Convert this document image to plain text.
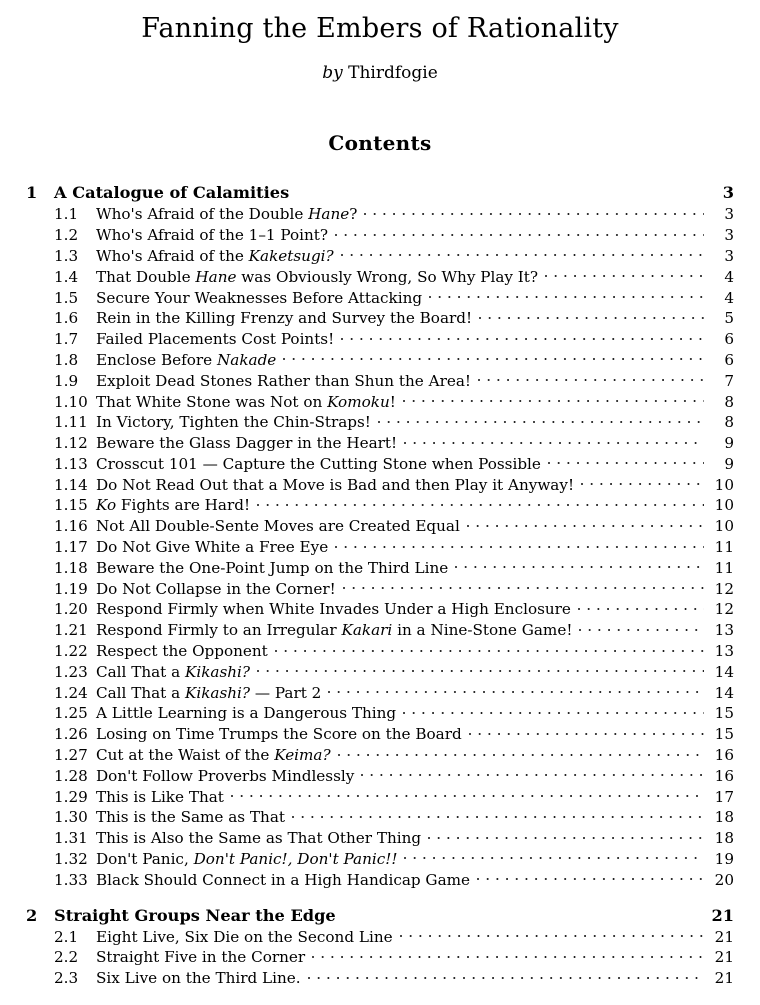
Fanning the Embers of Rationality

by Thirdfogie

Contents
1	A Catalogue of Calamities	3
1.1	Who's Afraid of the Double Hane?	3
1.2	Who's Afraid of the 1–1 Point?	3
1.3	Who's Afraid of the Kaketsugi?	3
1.4	That Double Hane was Obviously Wrong, So Why Play It?	4
1.5	Secure Your Weaknesses Before Attacking	4
1.6	Rein in the Killing Frenzy and Survey the Board!	5
1.7	Failed Placements Cost Points!	6
1.8	Enclose Before Nakade	6
1.9	Exploit Dead Stones Rather than Shun the Area!	7
1.10 That White Stone was Not on Komoku!	8
1.11 In Victory, Tighten the Chin-Straps!	8
1.12 Beware the Glass Dagger in the Heart!	9
1.13 Crosscut 101 — Capture the Cutting Stone when Possible	9
1.14 Do Not Read Out that a Move is Bad and then Play it Anyway!	10
1.15 Ko Fights are Hard!	10
1.16 Not All Double-Sente Moves are Created Equal	10
1.17 Do Not Give White a Free Eye	11
1.18 Beware the One-Point Jump on the Third Line	11
1.19 Do Not Collapse in the Corner!	12
1.20 Respond Firmly when White Invades Under a High Enclosure	12
1.21 Respond Firmly to an Irregular Kakari in a Nine-Stone Game!	13
1.22 Respect the Opponent	13
1.23 Call That a Kikashi?	14
1.24 Call That a Kikashi? — Part 2	14
1.25 A Little Learning is a Dangerous Thing	15
1.26 Losing on Time Trumps the Score on the Board	15
1.27 Cut at the Waist of the Keima?	16
1.28 Don't Follow Proverbs Mindlessly	16
1.29 This is Like That	17
1.30 This is the Same as That	18
1.31 This is Also the Same as That Other Thing	18
1.32 Don't Panic, Don't Panic!, Don't Panic!!	19
1.33 Black Should Connect in a High Handicap Game	20
2	Straight Groups Near the Edge	21
2.1	Eight Live, Six Die on the Second Line	21
2.2	Straight Five in the Corner	21
2.3	Six Live on the Third Line.	21
